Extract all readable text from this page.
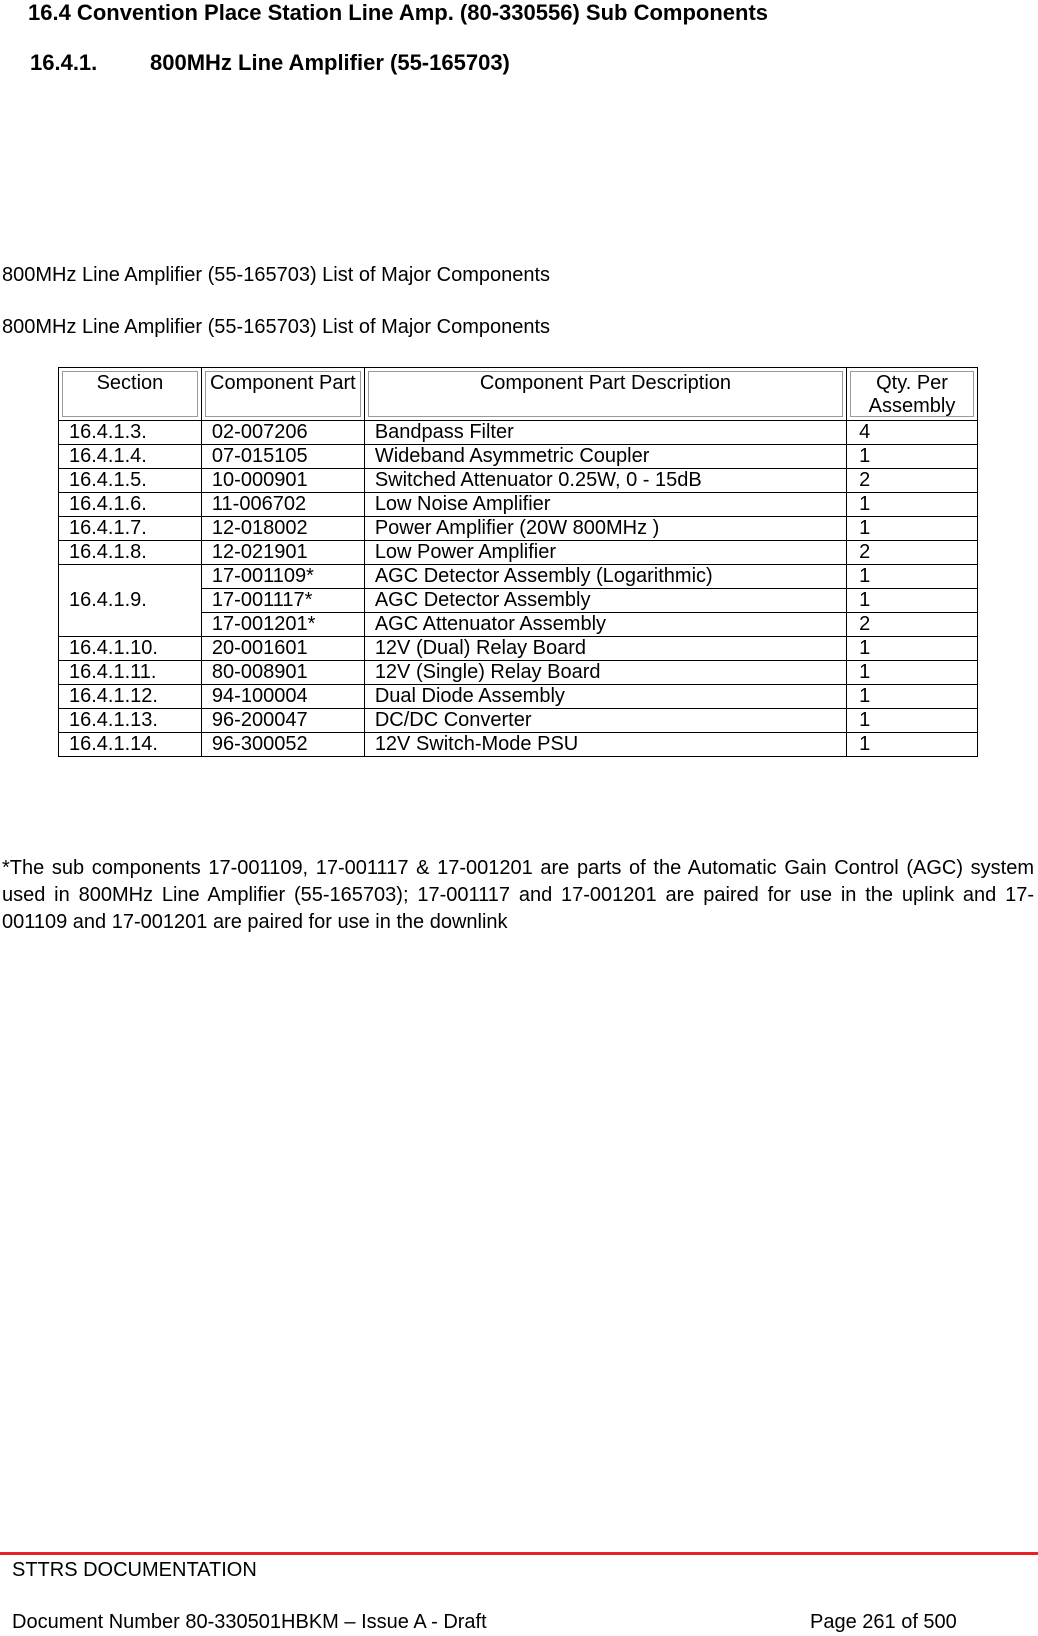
16.4 Convention Place Station Line Amp. (80-330556) Sub Components
16.4.1. 800MHz Line Amplifier (55-165703)
800MHz Line Amplifier (55-165703) List of Major Components
800MHz Line Amplifier (55-165703) List of Major Components
Section	Component Part	Component Part Description	Qty. Per Assembly
16.4.1.3.	02-007206	Bandpass Filter	4
16.4.1.4.	07-015105	Wideband Asymmetric Coupler	1
16.4.1.5.	10-000901	Switched Attenuator 0.25W, 0 - 15dB	2
16.4.1.6.	11-006702	Low Noise Amplifier	1
16.4.1.7.	12-018002	Power Amplifier (20W 800MHz )	1
16.4.1.8.	12-021901	Low Power Amplifier	2
16.4.1.9.	17-001109*	AGC Detector Assembly (Logarithmic)	1
	17-001117*	AGC Detector Assembly	1
	17-001201*	AGC Attenuator Assembly	2
16.4.1.10.	20-001601	12V (Dual) Relay Board	1
16.4.1.11.	80-008901	12V (Single) Relay Board	1
16.4.1.12.	94-100004	Dual Diode Assembly	1
16.4.1.13.	96-200047	DC/DC Converter	1
16.4.1.14.	96-300052	12V Switch-Mode PSU	1
*The sub components 17-001109, 17-001117 & 17-001201 are parts of the Automatic Gain Control (AGC) system used in 800MHz Line Amplifier (55-165703); 17-001117 and 17-001201 are paired for use in the uplink and 17-001109 and 17-001201 are paired for use in the downlink
STTRS DOCUMENTATION
Document Number 80-330501HBKM – Issue A - Draft	Page 261 of 500
